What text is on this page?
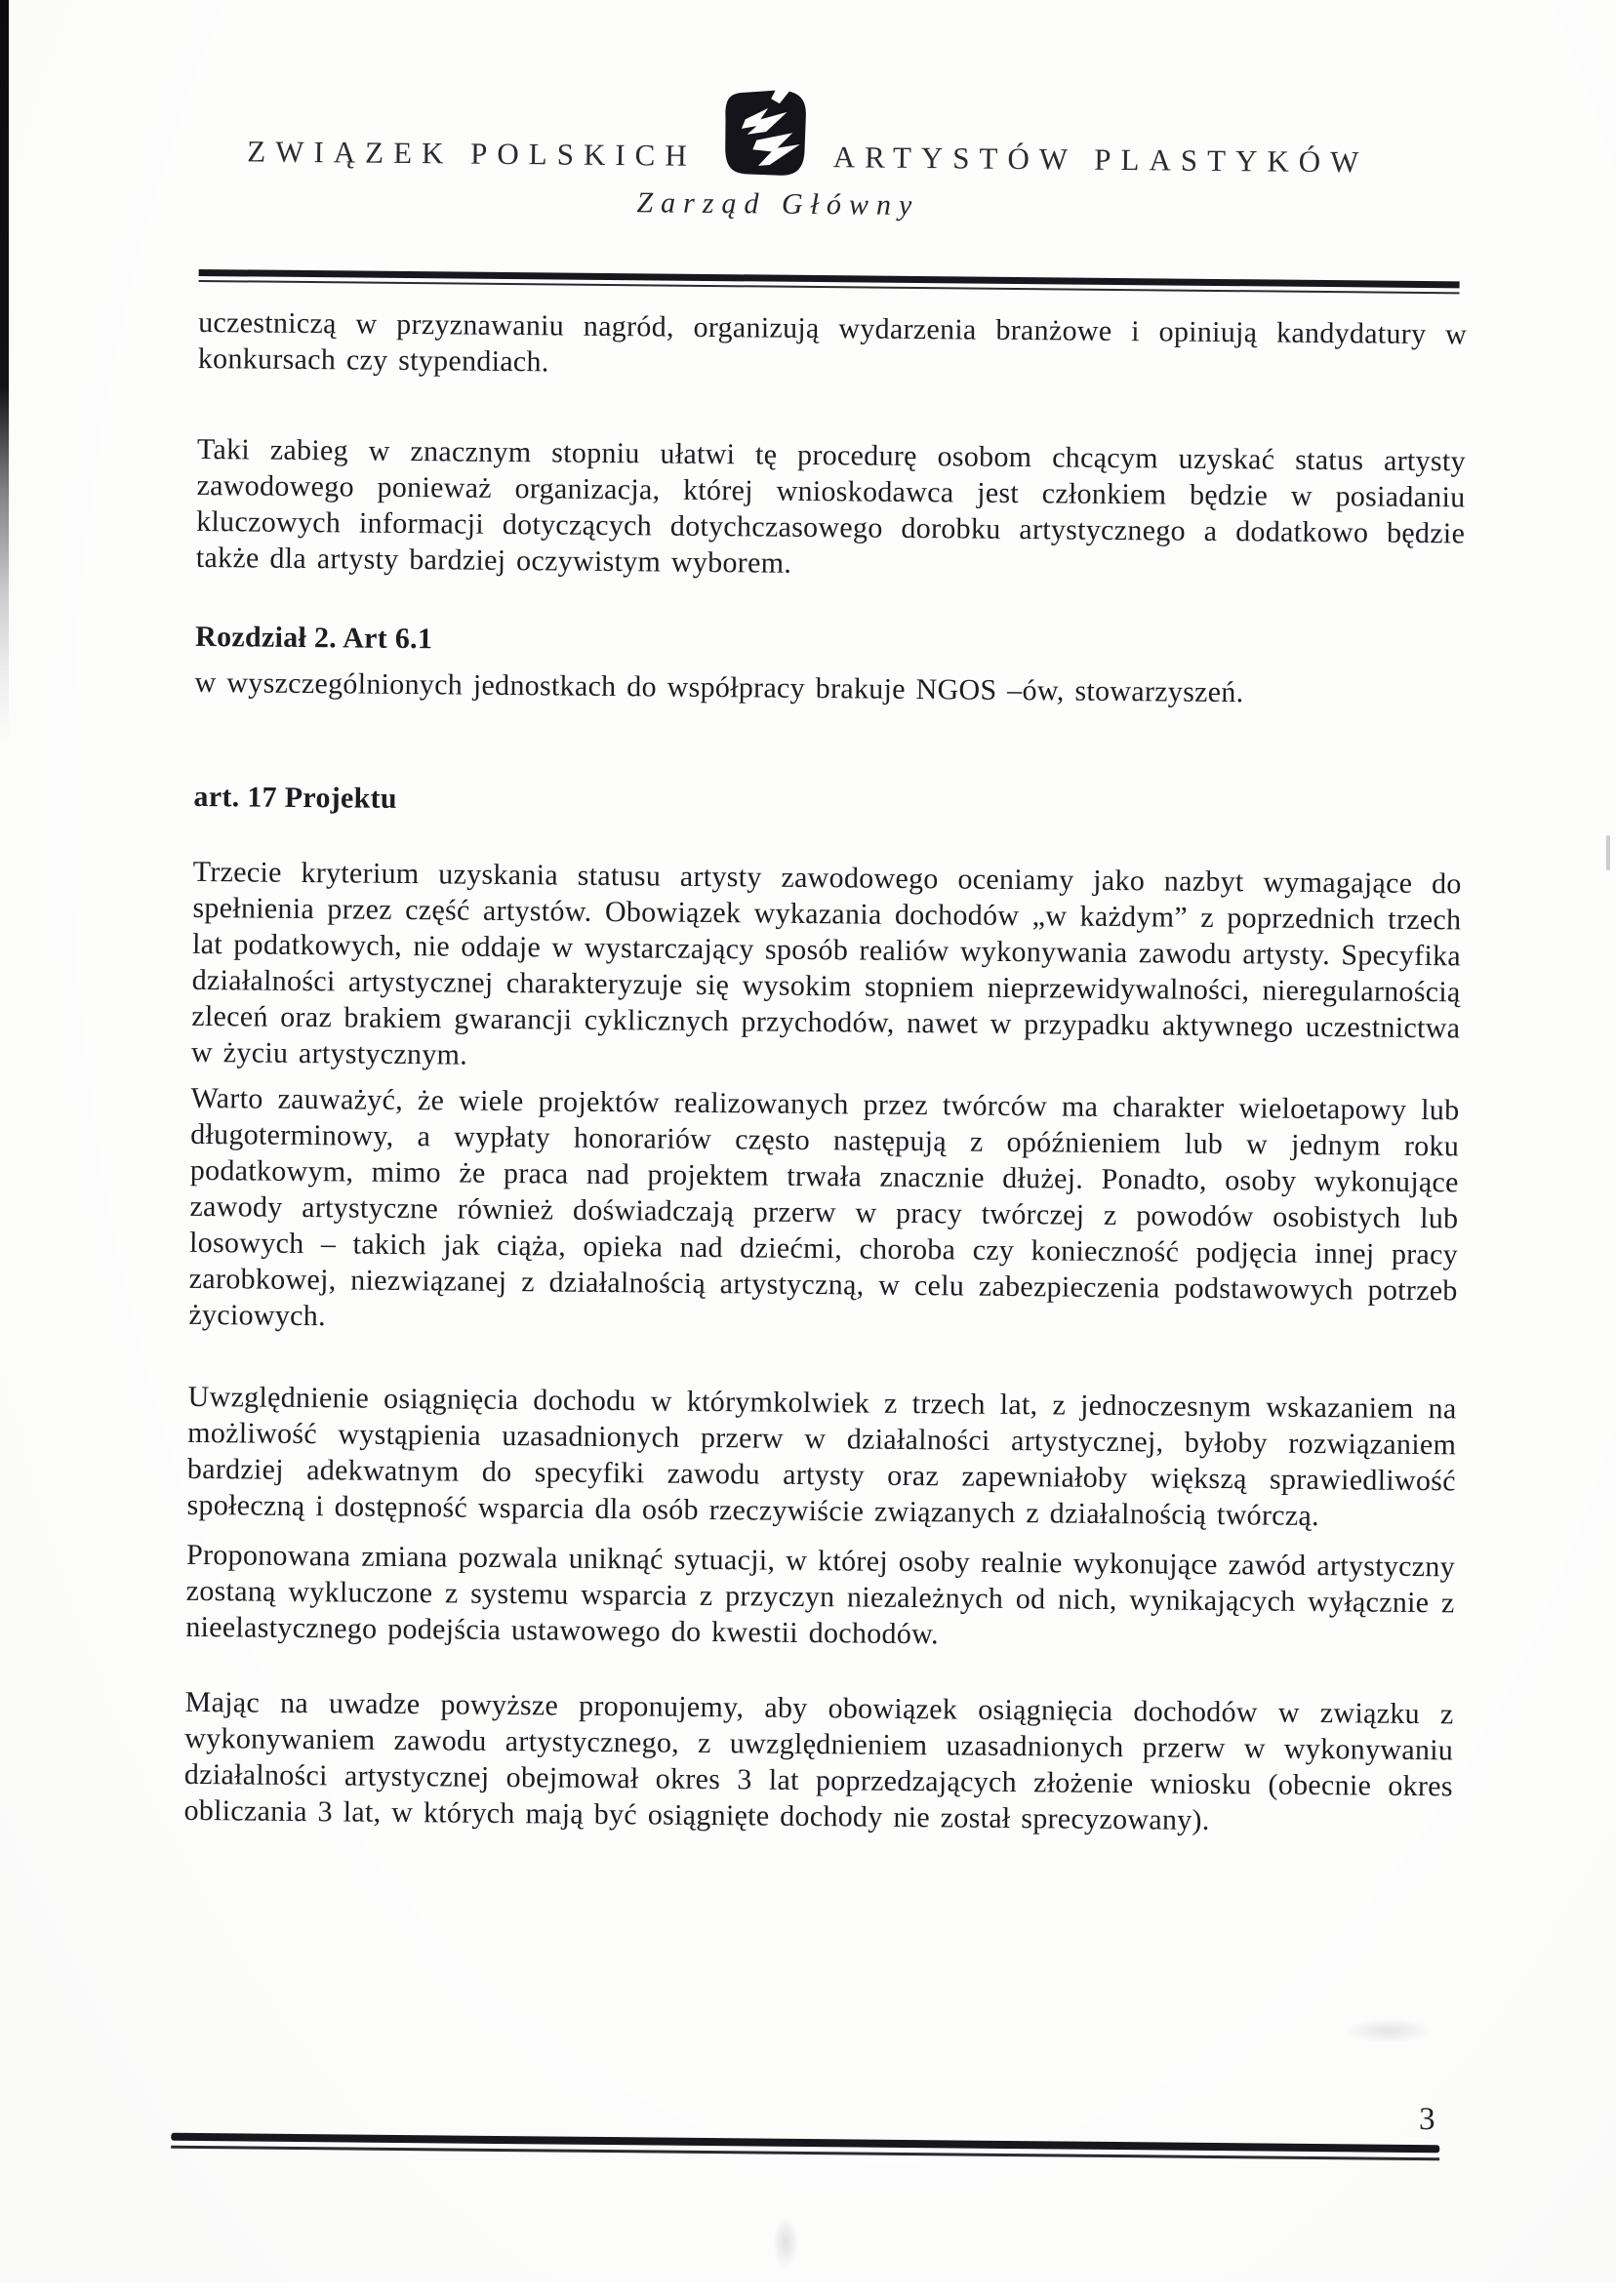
ZWIĄZEK POLSKICH	ARTYSTÓW PLASTYKÓW
Zarząd Główny

uczestniczą w przyznawaniu nagród, organizują wydarzenia branżowe i opiniują kandydatury w konkursach czy stypendiach.

Taki zabieg w znacznym stopniu ułatwi tę procedurę osobom chcącym uzyskać status artysty zawodowego ponieważ organizacja, której wnioskodawca jest członkiem będzie w posiadaniu kluczowych informacji dotyczących dotychczasowego dorobku artystycznego a dodatkowo będzie także dla artysty bardziej oczywistym wyborem.

Rozdział 2. Art 6.1

w wyszczególnionych jednostkach do współpracy brakuje NGOS –ów, stowarzyszeń.

art. 17 Projektu

Trzecie kryterium uzyskania statusu artysty zawodowego oceniamy jako nazbyt wymagające do spełnienia przez część artystów. Obowiązek wykazania dochodów „w każdym” z poprzednich trzech lat podatkowych, nie oddaje w wystarczający sposób realiów wykonywania zawodu artysty. Specyfika działalności artystycznej charakteryzuje się wysokim stopniem nieprzewidywalności, nieregularnością zleceń oraz brakiem gwarancji cyklicznych przychodów, nawet w przypadku aktywnego uczestnictwa w życiu artystycznym.

Warto zauważyć, że wiele projektów realizowanych przez twórców ma charakter wieloetapowy lub długoterminowy, a wypłaty honorariów często następują z opóźnieniem lub w jednym roku podatkowym, mimo że praca nad projektem trwała znacznie dłużej. Ponadto, osoby wykonujące zawody artystyczne również doświadczają przerw w pracy twórczej z powodów osobistych lub losowych – takich jak ciąża, opieka nad dziećmi, choroba czy konieczność podjęcia innej pracy zarobkowej, niezwiązanej z działalnością artystyczną, w celu zabezpieczenia podstawowych potrzeb życiowych.

Uwzględnienie osiągnięcia dochodu w którymkolwiek z trzech lat, z jednoczesnym wskazaniem na możliwość wystąpienia uzasadnionych przerw w działalności artystycznej, byłoby rozwiązaniem bardziej adekwatnym do specyfiki zawodu artysty oraz zapewniałoby większą sprawiedliwość społeczną i dostępność wsparcia dla osób rzeczywiście związanych z działalnością twórczą.

Proponowana zmiana pozwala uniknąć sytuacji, w której osoby realnie wykonujące zawód artystyczny zostaną wykluczone z systemu wsparcia z przyczyn niezależnych od nich, wynikających wyłącznie z nieelastycznego podejścia ustawowego do kwestii dochodów.

Mając na uwadze powyższe proponujemy, aby obowiązek osiągnięcia dochodów w związku z wykonywaniem zawodu artystycznego, z uwzględnieniem uzasadnionych przerw w wykonywaniu działalności artystycznej obejmował okres 3 lat poprzedzających złożenie wniosku (obecnie okres obliczania 3 lat, w których mają być osiągnięte dochody nie został sprecyzowany).

3
